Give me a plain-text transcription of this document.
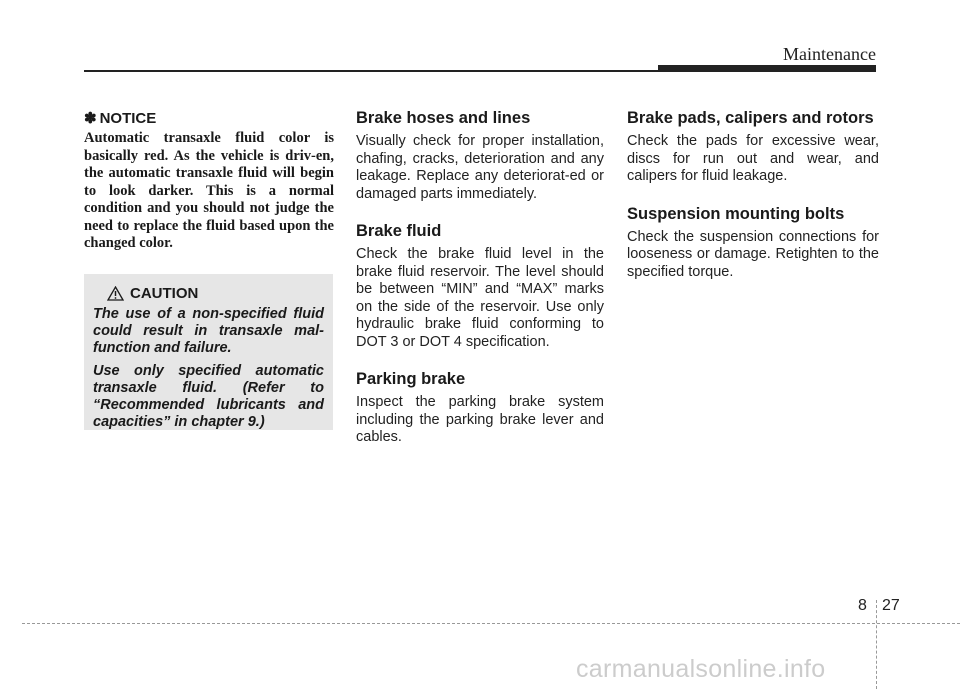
Maintenance
✽ NOTICE

Automatic transaxle fluid color is basically red. As the vehicle is driv-en, the automatic transaxle fluid will begin to look darker. This is a normal condition and you should not judge the need to replace the fluid based upon the changed color.

CAUTION

The use of a non-specified fluid could result in transaxle mal-function and failure.

Use only specified automatic transaxle fluid. (Refer to “Recommended lubricants and capacities” in chapter 9.)

Brake hoses and lines

Visually check for proper installation, chafing, cracks, deterioration and any leakage. Replace any deteriorat-ed or damaged parts immediately.

Brake fluid

Check the brake fluid level in the brake fluid reservoir. The level should be between “MIN” and “MAX” marks on the side of the reservoir. Use only hydraulic brake fluid conforming to DOT 3 or DOT 4 specification.

Parking brake

Inspect the parking brake system including the parking brake lever and cables.

Brake pads, calipers and rotors

Check the pads for excessive wear, discs for run out and wear, and calipers for fluid leakage.

Suspension mounting bolts

Check the suspension connections for looseness or damage. Retighten to the specified torque.

8 27
carmanualsonline.info
